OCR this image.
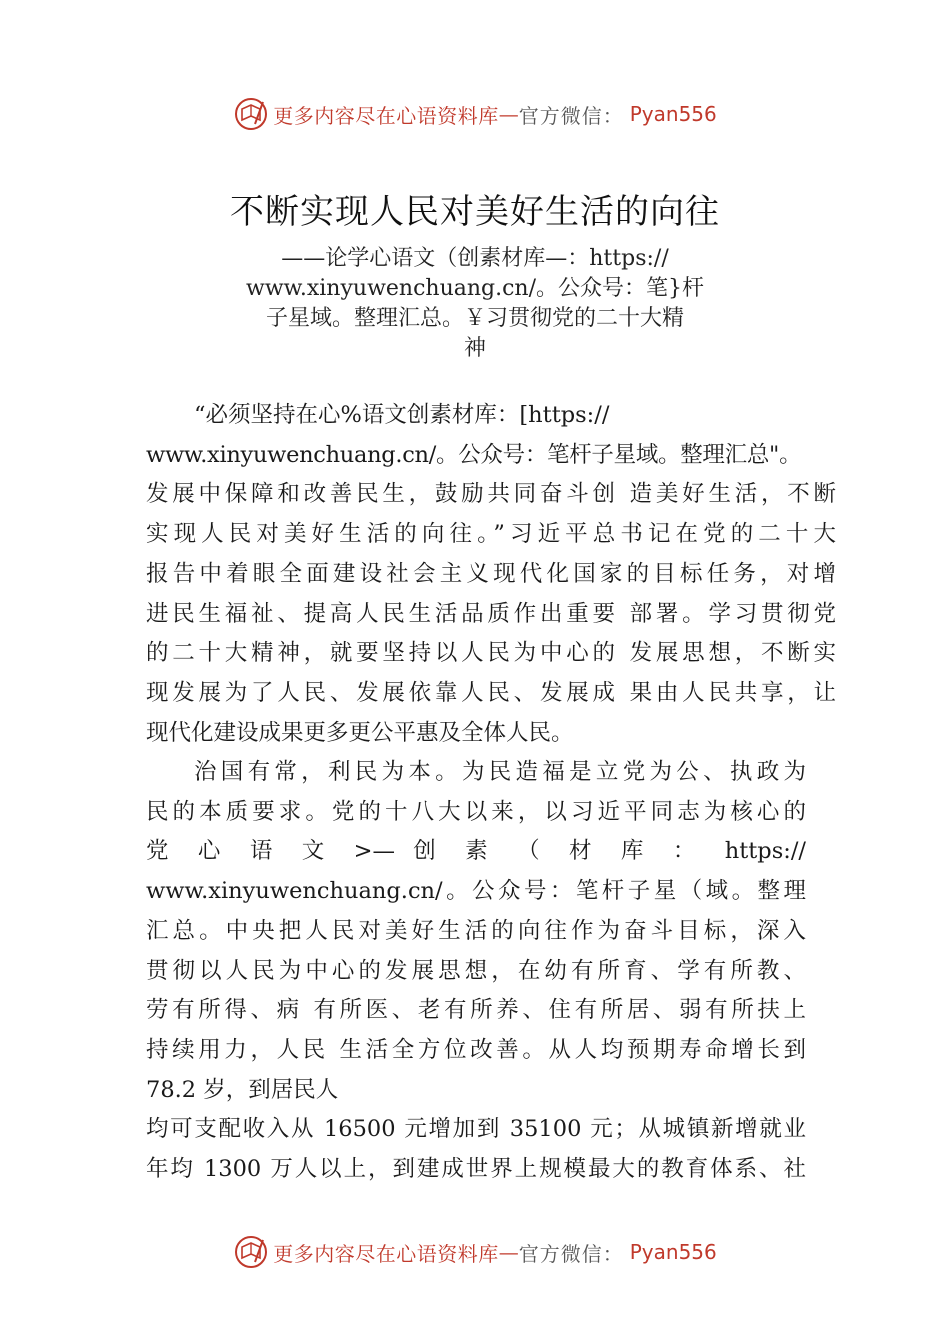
更多内容尽在心语资料库 — 官方微信： Pyan556
不断实现人民对美好生活的向往
——论学心语文（创素材库—：https://
www.xinyuwenchuang.cn/。公众号：笔}杆
子星域。整理汇总。￥习贯彻党的二十大精
神
“必须坚持在心%语文创素材库：[https://
www.xinyuwenchuang.cn/。公众号：笔杆子星域。整理汇总"。
发展中保障和改善民生，鼓励共同奋斗创 造美好生活，不断
实现人民对美好生活的向往。”习近平总书记在党的二十大
报告中着眼全面建设社会主义现代化国家的目标任务，对增
进民生福祉、提高人民生活品质作出重要 部署。学习贯彻党
的二十大精神，就要坚持以人民为中心的 发展思想，不断实
现发展为了人民、发展依靠人民、发展成 果由人民共享，让
现代化建设成果更多更公平惠及全体人民。
治国有常，利民为本。为民造福是立党为公、执政为
民的本质要求。党的十八大以来，以习近平同志为核心的
党 心 语 文 >— 创 素 （ 材 库 ： https://
www.xinyuwenchuang.cn/。公众号：笔杆子星（域。整理
汇总。中央把人民对美好生活的向往作为奋斗目标，深入
贯彻以人民为中心的发展思想，在幼有所育、学有所教、
劳有所得、病 有所医、老有所养、住有所居、弱有所扶上
持续用力，人民 生活全方位改善。从人均预期寿命增长到
78.2 岁，到居民人
均可支配收入从 16500 元增加到 35100 元；从城镇新增就业
年均 1300 万人以上，到建成世界上规模最大的教育体系、社
更多内容尽在心语资料库 — 官方微信： Pyan556
